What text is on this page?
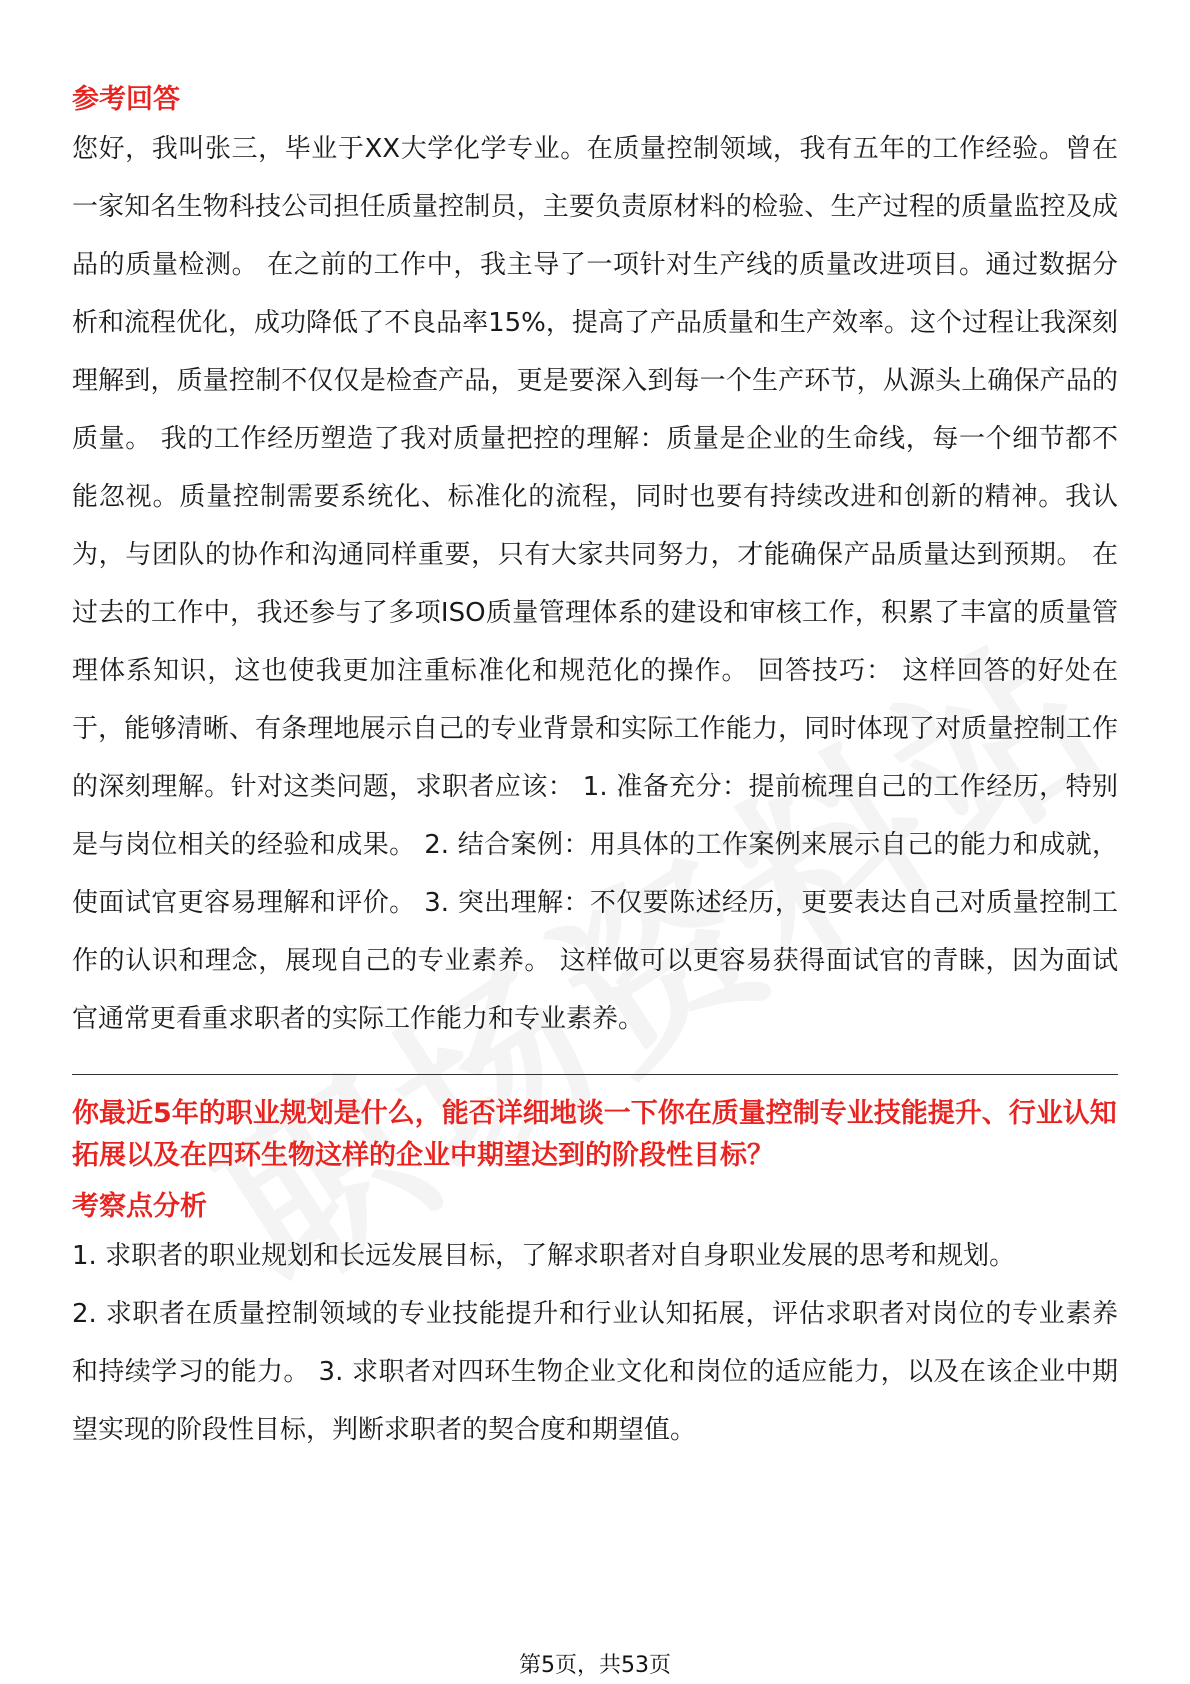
参考回答

您好，我叫张三，毕业于XX大学化学专业。在质量控制领域，我有五年的工作经验。曾在一家知名生物科技公司担任质量控制员，主要负责原材料的检验、生产过程的质量监控及成品的质量检测。 在之前的工作中，我主导了一项针对生产线的质量改进项目。通过数据分析和流程优化，成功降低了不良品率15%，提高了产品质量和生产效率。这个过程让我深刻理解到，质量控制不仅仅是检查产品，更是要深入到每一个生产环节，从源头上确保产品的质量。 我的工作经历塑造了我对质量把控的理解：质量是企业的生命线，每一个细节都不能忽视。质量控制需要系统化、标准化的流程，同时也要有持续改进和创新的精神。我认为，与团队的协作和沟通同样重要，只有大家共同努力，才能确保产品质量达到预期。 在过去的工作中，我还参与了多项ISO质量管理体系的建设和审核工作，积累了丰富的质量管理体系知识，这也使我更加注重标准化和规范化的操作。 回答技巧： 这样回答的好处在于，能够清晰、有条理地展示自己的专业背景和实际工作能力，同时体现了对质量控制工作的深刻理解。针对这类问题，求职者应该： 1. 准备充分：提前梳理自己的工作经历，特别是与岗位相关的经验和成果。 2. 结合案例：用具体的工作案例来展示自己的能力和成就，使面试官更容易理解和评价。 3. 突出理解：不仅要陈述经历，更要表达自己对质量控制工作的认识和理念，展现自己的专业素养。 这样做可以更容易获得面试官的青睐，因为面试官通常更看重求职者的实际工作能力和专业素养。

你最近5年的职业规划是什么，能否详细地谈一下你在质量控制专业技能提升、行业认知拓展以及在四环生物这样的企业中期望达到的阶段性目标？
考察点分析

1. 求职者的职业规划和长远发展目标，了解求职者对自身职业发展的思考和规划。

2. 求职者在质量控制领域的专业技能提升和行业认知拓展，评估求职者对岗位的专业素养和持续学习的能力。 3. 求职者对四环生物企业文化和岗位的适应能力，以及在该企业中期望实现的阶段性目标，判断求职者的契合度和期望值。

第5页，共53页
